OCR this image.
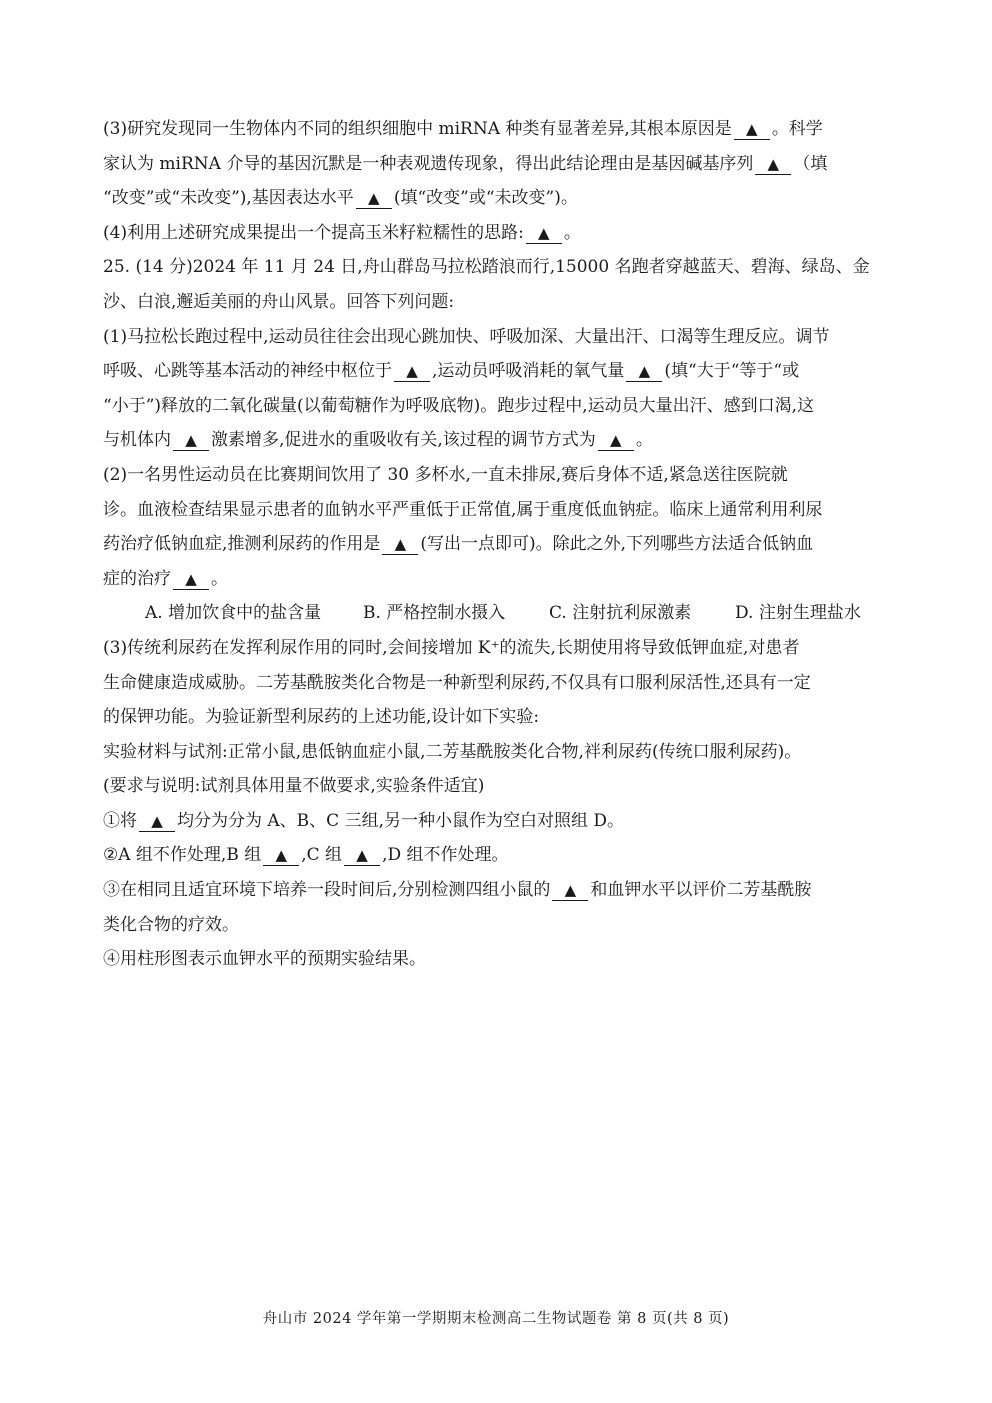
(3)研究发现同一生物体内不同的组织细胞中 miRNA 种类有显著差异,其根本原因是 ▲ 。科学
家认为 miRNA 介导的基因沉默是一种表观遗传现象，得出此结论理由是基因碱基序列 ▲ （填
“改变”或“未改变”),基因表达水平 ▲ (填“改变”或“未改变”)。
(4)利用上述研究成果提出一个提高玉米籽粒糯性的思路: ▲ 。
25. (14 分)2024 年 11 月 24 日,舟山群岛马拉松踏浪而行,15000 名跑者穿越蓝天、碧海、绿岛、金
沙、白浪,邂逅美丽的舟山风景。回答下列问题:
(1)马拉松长跑过程中,运动员往往会出现心跳加快、呼吸加深、大量出汗、口渴等生理反应。调节
呼吸、心跳等基本活动的神经中枢位于 ▲ ,运动员呼吸消耗的氧气量 ▲ (填“大于“等于“或
“小于”)释放的二氧化碳量(以葡萄糖作为呼吸底物)。跑步过程中,运动员大量出汗、感到口渴,这
与机体内 ▲ 激素增多,促进水的重吸收有关,该过程的调节方式为 ▲ 。
(2)一名男性运动员在比赛期间饮用了 30 多杯水,一直未排尿,赛后身体不适,紧急送往医院就
诊。血液检查结果显示患者的血钠水平严重低于正常值,属于重度低血钠症。临床上通常利用利尿
药治疗低钠血症,推测利尿药的作用是 ▲ (写出一点即可)。除此之外,下列哪些方法适合低钠血
症的治疗 ▲ 。
A. 增加饮食中的盐含量	B. 严格控制水摄入	C. 注射抗利尿激素	D. 注射生理盐水
(3)传统利尿药在发挥利尿作用的同时,会间接增加 K⁺的流失,长期使用将导致低钾血症,对患者
生命健康造成威胁。二芳基酰胺类化合物是一种新型利尿药,不仅具有口服利尿活性,还具有一定
的保钾功能。为验证新型利尿药的上述功能,设计如下实验:
实验材料与试剂:正常小鼠,患低钠血症小鼠,二芳基酰胺类化合物,袢利尿药(传统口服利尿药)。
(要求与说明:试剂具体用量不做要求,实验条件适宜)
①将 ▲ 均分为分为 A、B、C 三组,另一种小鼠作为空白对照组 D。
②A 组不作处理,B 组 ▲ ,C 组 ▲ ,D 组不作处理。
③在相同且适宜环境下培养一段时间后,分别检测四组小鼠的 ▲ 和血钾水平以评价二芳基酰胺
类化合物的疗效。
④用柱形图表示血钾水平的预期实验结果。
舟山市 2024 学年第一学期期末检测高二生物试题卷 第 8 页(共 8 页)
